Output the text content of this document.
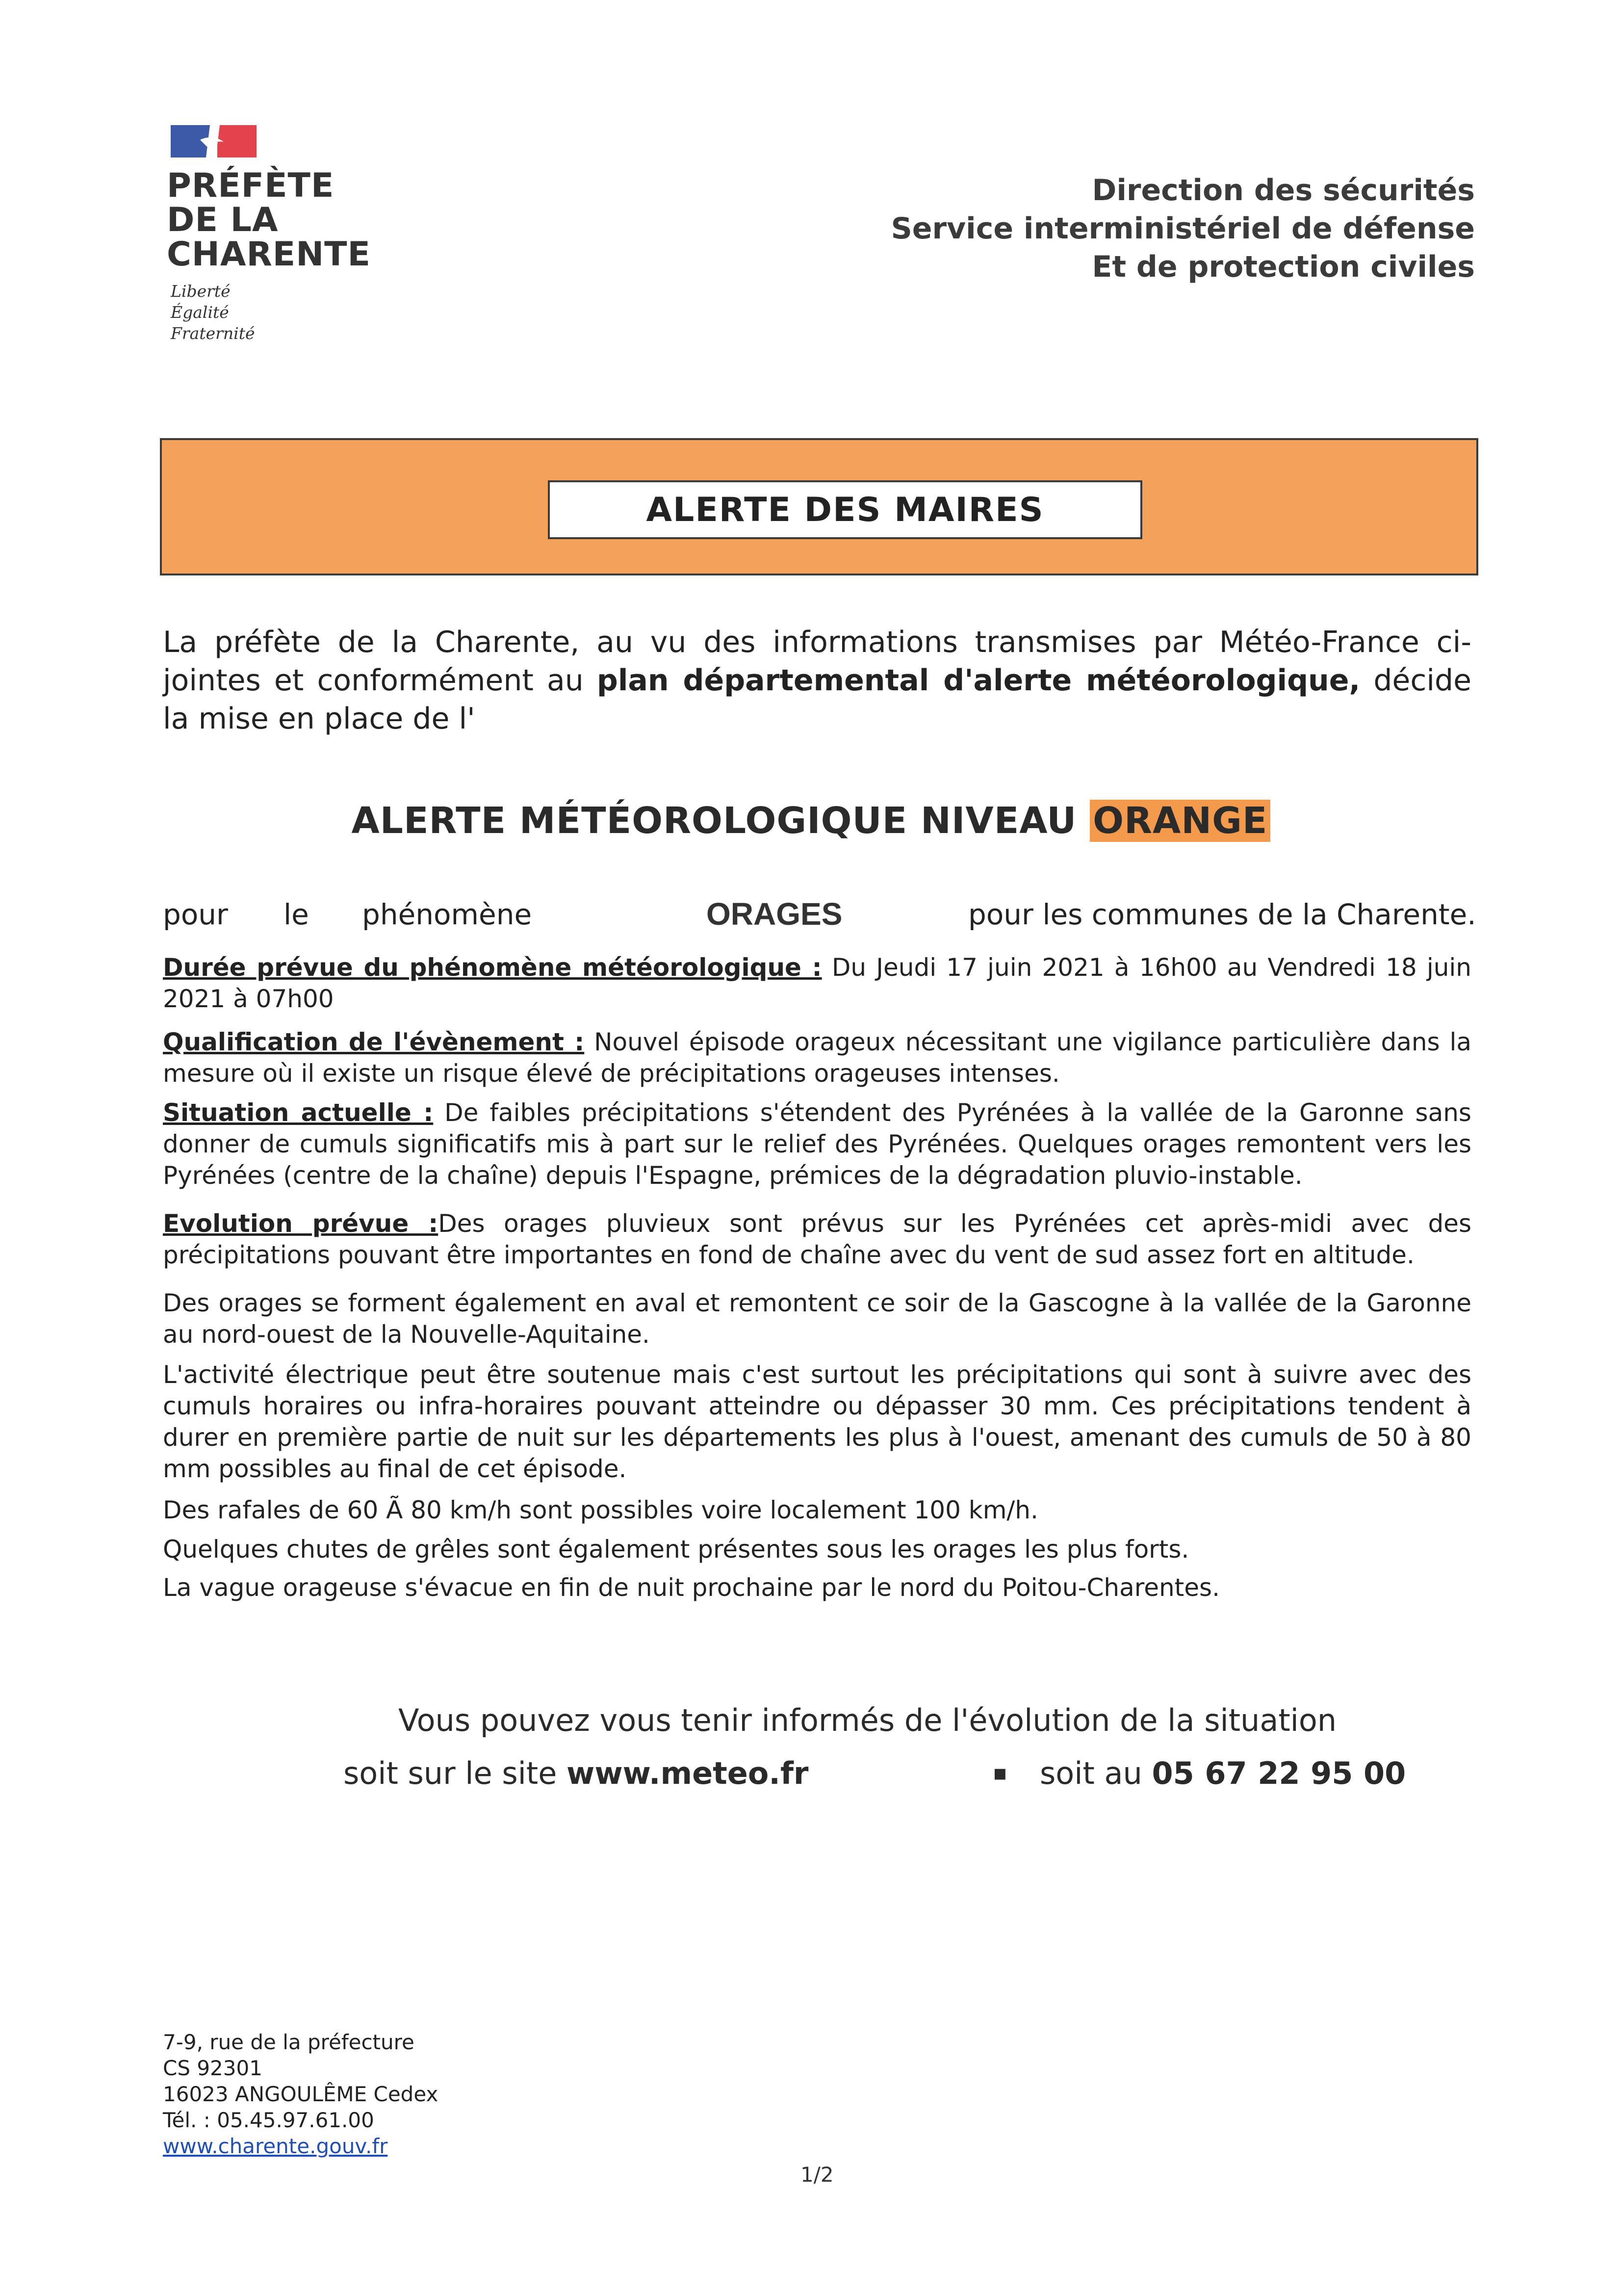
PRÉFÈTE
DE LA
CHARENTE
Liberté
Égalité
Fraternité
Direction des sécurités
Service interministériel de défense
Et de protection civiles
ALERTE DES MAIRES
La préfète de la Charente, au vu des informations transmises par Météo-France ci-jointes et conformément au plan départemental d'alerte météorologique, décide la mise en place de l'
ALERTE MÉTÉOROLOGIQUE NIVEAU ORANGE
pour le phénomène	ORAGES	pour les communes de la Charente.
Durée prévue du phénomène météorologique : Du Jeudi 17 juin 2021 à 16h00 au Vendredi 18 juin 2021 à 07h00
Qualification de l'évènement : Nouvel épisode orageux nécessitant une vigilance particulière dans la mesure où il existe un risque élevé de précipitations orageuses intenses.
Situation actuelle : De faibles précipitations s'étendent des Pyrénées à la vallée de la Garonne sans donner de cumuls significatifs mis à part sur le relief des Pyrénées. Quelques orages remontent vers les Pyrénées (centre de la chaîne) depuis l'Espagne, prémices de la dégradation pluvio-instable.
Evolution prévue :Des orages pluvieux sont prévus sur les Pyrénées cet après-midi avec des précipitations pouvant être importantes en fond de chaîne avec du vent de sud assez fort en altitude.
Des orages se forment également en aval et remontent ce soir de la Gascogne à la vallée de la Garonne au nord-ouest de la Nouvelle-Aquitaine.
L'activité électrique peut être soutenue mais c'est surtout les précipitations qui sont à suivre avec des cumuls horaires ou infra-horaires pouvant atteindre ou dépasser 30 mm. Ces précipitations tendent à durer en première partie de nuit sur les départements les plus à l'ouest, amenant des cumuls de 50 à 80 mm possibles au final de cet épisode.
Des rafales de 60 Ã 80 km/h sont possibles voire localement 100 km/h.
Quelques chutes de grêles sont également présentes sous les orages les plus forts.
La vague orageuse s'évacue en fin de nuit prochaine par le nord du Poitou-Charentes.
Vous pouvez vous tenir informés de l'évolution de la situation
soit sur le site www.meteo.fr	▪ soit au 05 67 22 95 00
7-9, rue de la préfecture
CS 92301
16023 ANGOULÊME Cedex
Tél. : 05.45.97.61.00
www.charente.gouv.fr
1/2
